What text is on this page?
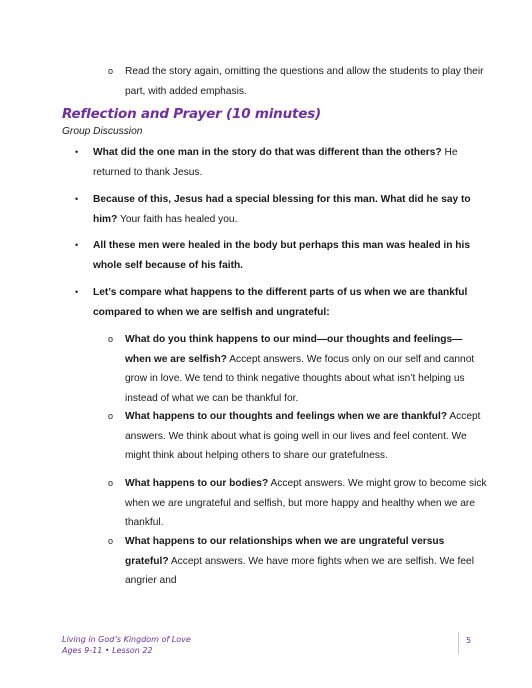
o Read the story again, omitting the questions and allow the students to play their part, with added emphasis.
Reflection and Prayer (10 minutes)
Group Discussion
• What did the one man in the story do that was different than the others? He returned to thank Jesus.
• Because of this, Jesus had a special blessing for this man. What did he say to him? Your faith has healed you.
• All these men were healed in the body but perhaps this man was healed in his whole self because of his faith.
• Let’s compare what happens to the different parts of us when we are thankful compared to when we are selfish and ungrateful:
o What do you think happens to our mind—our thoughts and feelings—when we are selfish? Accept answers. We focus only on our self and cannot grow in love. We tend to think negative thoughts about what isn’t helping us instead of what we can be thankful for.
o What happens to our thoughts and feelings when we are thankful? Accept answers. We think about what is going well in our lives and feel content. We might think about helping others to share our gratefulness.
o What happens to our bodies? Accept answers. We might grow to become sick when we are ungrateful and selfish, but more happy and healthy when we are thankful.
o What happens to our relationships when we are ungrateful versus grateful? Accept answers. We have more fights when we are selfish. We feel angrier and
Living in God’s Kingdom of Love
Ages 9-11 • Lesson 22
5
